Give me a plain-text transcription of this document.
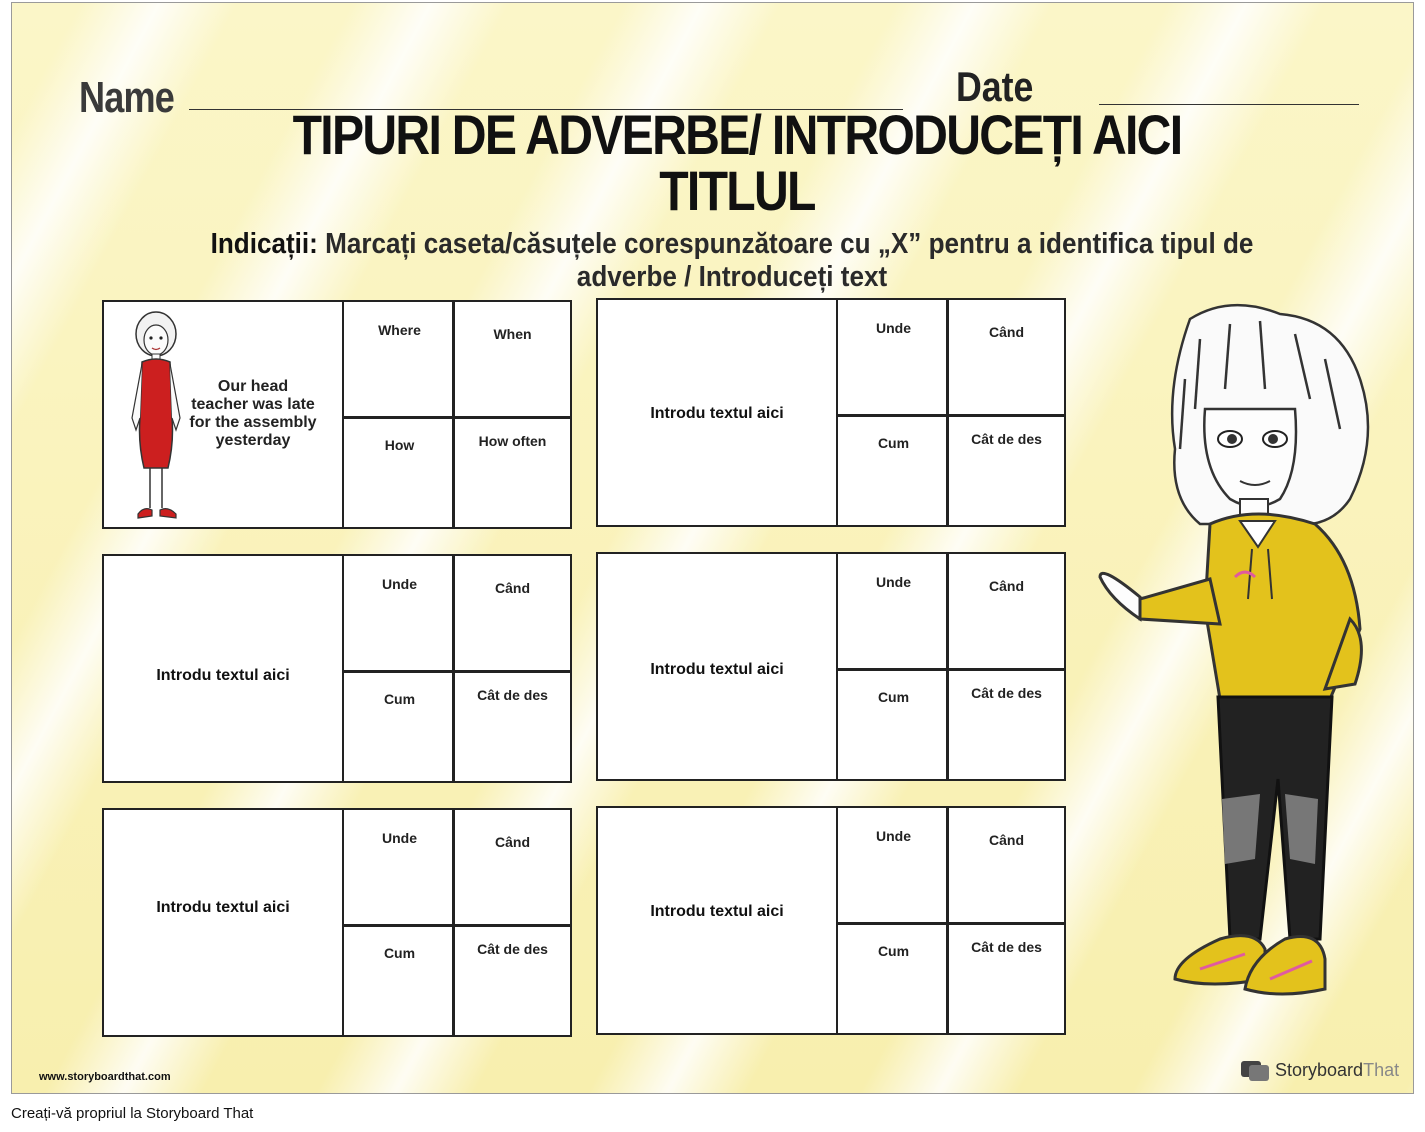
Name	Date
TIPURI DE ADVERBE/ INTRODUCEȚI AICI
TITLUL
Indicații: Marcați caseta/căsuțele corespunzătoare cu „X” pentru a identifica tipul de
adverbe / Introduceți text
Our head teacher was late for the assembly yesterday
Where	When
How	How often
Introdu textul aici
Unde	Când
Cum	Cât de des
Introdu textul aici
Unde	Când
Cum	Cât de des
Introdu textul aici
Unde	Când
Cum	Cât de des
Introdu textul aici
Unde	Când
Cum	Cât de des
Introdu textul aici
Unde	Când
Cum	Cât de des
www.storyboardthat.com	StoryboardThat
Creați-vă propriul la Storyboard That
